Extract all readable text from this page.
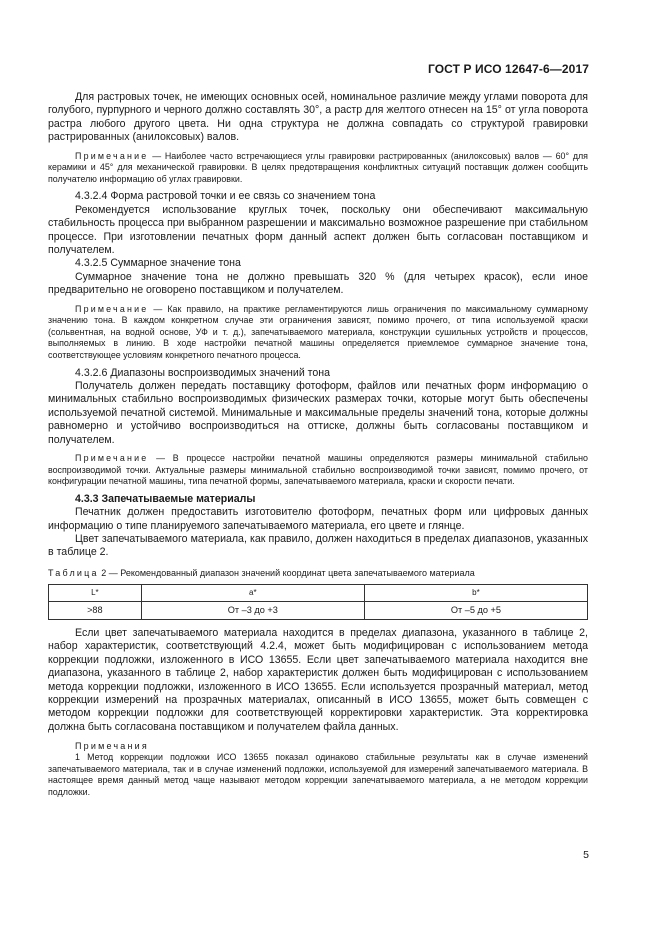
ГОСТ Р ИСО 12647-6—2017

Для растровых точек, не имеющих основных осей, номинальное различие между углами поворота для голубого, пурпурного и черного должно составлять 30°, а растр для желтого отнесен на 15° от угла поворота растра любого другого цвета. Ни одна структура не должна совпадать со структурой гравировки растрированных (анилоксовых) валов.

Примечание — Наиболее часто встречающиеся углы гравировки растрированных (анилоксовых) валов — 60° для керамики и 45° для механической гравировки. В целях предотвращения конфликтных ситуаций поставщик должен сообщить получателю информацию об углах гравировки.

4.3.2.4 Форма растровой точки и ее связь со значением тона

Рекомендуется использование круглых точек, поскольку они обеспечивают максимальную стабильность процесса при выбранном разрешении и максимально возможное разрешение при стабильном процессе. При изготовлении печатных форм данный аспект должен быть согласован поставщиком и получателем.

4.3.2.5 Суммарное значение тона

Суммарное значение тона не должно превышать 320 % (для четырех красок), если иное предварительно не оговорено поставщиком и получателем.

Примечание — Как правило, на практике регламентируются лишь ограничения по максимальному суммарному значению тона. В каждом конкретном случае эти ограничения зависят, помимо прочего, от типа используемой краски (сольвентная, на водной основе, УФ и т. д.), запечатываемого материала, конструкции сушильных устройств и процессов, выполняемых в линию. В ходе настройки печатной машины определяется приемлемое суммарное значение тона, соответствующее условиям конкретного печатного процесса.

4.3.2.6 Диапазоны воспроизводимых значений тона

Получатель должен передать поставщику фотоформ, файлов или печатных форм информацию о минимальных стабильно воспроизводимых физических размерах точки, которые могут быть обеспечены используемой печатной системой. Минимальные и максимальные пределы значений тона, которые должны равномерно и устойчиво воспроизводиться на оттиске, должны быть согласованы поставщиком и получателем.

Примечание — В процессе настройки печатной машины определяются размеры минимальной стабильно воспроизводимой точки. Актуальные размеры минимальной стабильно воспроизводимой точки зависят, помимо прочего, от конфигурации печатной машины, типа печатной формы, запечатываемого материала, краски и скорости печати.

4.3.3 Запечатываемые материалы

Печатник должен предоставить изготовителю фотоформ, печатных форм или цифровых данных информацию о типе планируемого запечатываемого материала, его цвете и глянце.

Цвет запечатываемого материала, как правило, должен находиться в пределах диапазонов, указанных в таблице 2.

Таблица 2 — Рекомендованный диапазон значений координат цвета запечатываемого материала

L*	a*	b*
>88	От –3 до +3	От –5 до +5

Если цвет запечатываемого материала находится в пределах диапазона, указанного в таблице 2, набор характеристик, соответствующий 4.2.4, может быть модифицирован с использованием метода коррекции подложки, изложенного в ИСО 13655. Если цвет запечатываемого материала находится вне диапазона, указанного в таблице 2, набор характеристик должен быть модифицирован с использованием метода коррекции подложки, изложенного в ИСО 13655. Если используется прозрачный материал, метод коррекции измерений на прозрачных материалах, описанный в ИСО 13655, может быть совмещен с методом коррекции подложки для соответствующей корректировки характеристик. Эта корректировка должна быть согласована поставщиком и получателем файла данных.

Примечания

1 Метод коррекции подложки ИСО 13655 показал одинаково стабильные результаты как в случае изменений запечатываемого материала, так и в случае изменений подложки, используемой для измерений запечатываемого материала. В настоящее время данный метод чаще называют методом коррекции запечатываемого материала, а не методом коррекции подложки.

5
